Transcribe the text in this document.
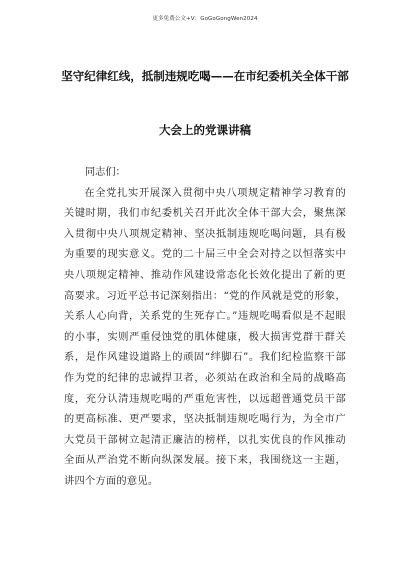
更多免费公文+V：GoGoGongWen2024
坚守纪律红线，抵制违规吃喝——在市纪委机关全体干部
大会上的党课讲稿

同志们：

在全党扎实开展深入贯彻中央八项规定精神学习教育的关键时期，我们市纪委机关召开此次全体干部大会，聚焦深入贯彻中央八项规定精神、坚决抵制违规吃喝问题，具有极为重要的现实意义。党的二十届三中全会对持之以恒落实中央八项规定精神、推动作风建设常态化长效化提出了新的更高要求。习近平总书记深刻指出：“党的作风就是党的形象，关系人心向背，关系党的生死存亡。”违规吃喝看似是不起眼的小事，实则严重侵蚀党的肌体健康，极大损害党群干群关系，是作风建设道路上的顽固“绊脚石”。我们纪检监察干部作为党的纪律的忠诚捍卫者，必须站在政治和全局的战略高度，充分认清违规吃喝的严重危害性，以远超普通党员干部的更高标准、更严要求，坚决抵制违规吃喝行为，为全市广大党员干部树立起清正廉洁的榜样，以扎实优良的作风推动全面从严治党不断向纵深发展。接下来，我围绕这一主题，讲四个方面的意见。
